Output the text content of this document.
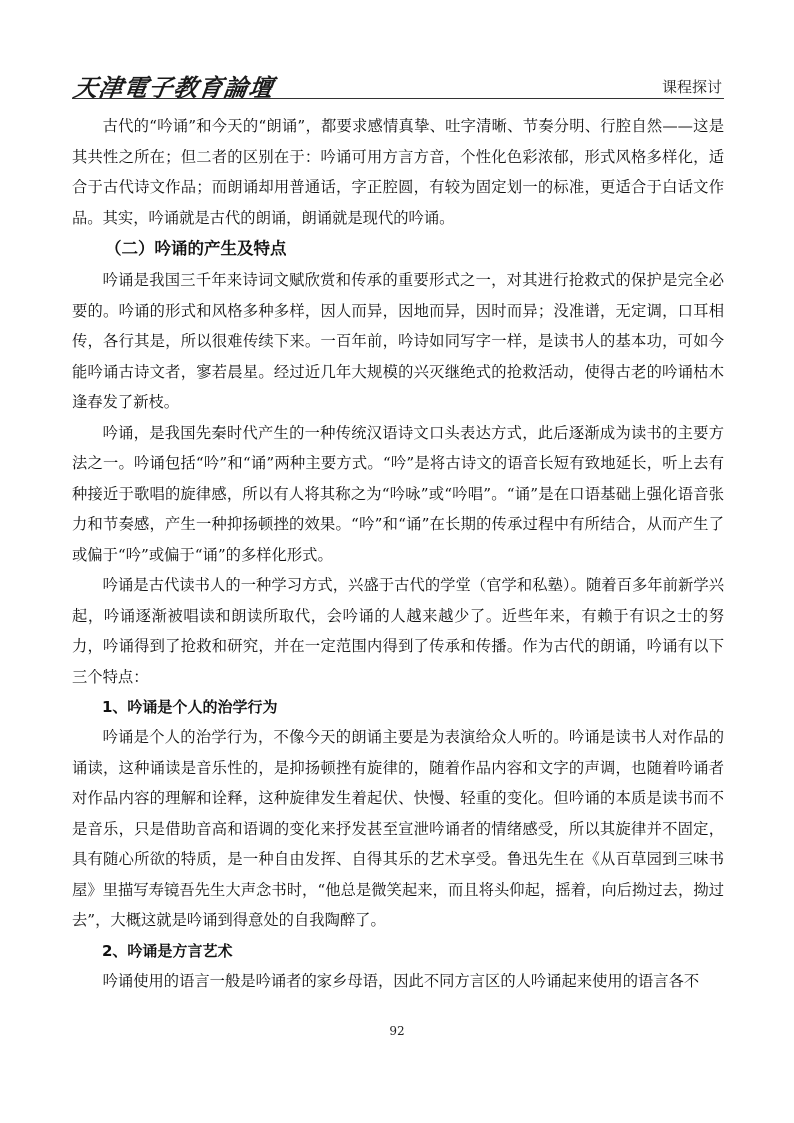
天津電子教育論壇	课程探讨

古代的“吟诵”和今天的“朗诵”，都要求感情真挚、吐字清晰、节奏分明、行腔自然——这是其共性之所在；但二者的区别在于：吟诵可用方言方音，个性化色彩浓郁，形式风格多样化，适合于古代诗文作品；而朗诵却用普通话，字正腔圆，有较为固定划一的标准，更适合于白话文作品。其实，吟诵就是古代的朗诵，朗诵就是现代的吟诵。

（二）吟诵的产生及特点

吟诵是我国三千年来诗词文赋欣赏和传承的重要形式之一，对其进行抢救式的保护是完全必要的。吟诵的形式和风格多种多样，因人而异，因地而异，因时而异；没准谱，无定调，口耳相传，各行其是，所以很难传续下来。一百年前，吟诗如同写字一样，是读书人的基本功，可如今能吟诵古诗文者，寥若晨星。经过近几年大规模的兴灭继绝式的抢救活动，使得古老的吟诵枯木逢春发了新枝。

吟诵，是我国先秦时代产生的一种传统汉语诗文口头表达方式，此后逐渐成为读书的主要方法之一。吟诵包括“吟”和“诵”两种主要方式。“吟”是将古诗文的语音长短有致地延长，听上去有种接近于歌唱的旋律感，所以有人将其称之为“吟咏”或“吟唱”。“诵”是在口语基础上强化语音张力和节奏感，产生一种抑扬顿挫的效果。“吟”和“诵”在长期的传承过程中有所结合，从而产生了或偏于“吟”或偏于“诵”的多样化形式。

吟诵是古代读书人的一种学习方式，兴盛于古代的学堂（官学和私塾）。随着百多年前新学兴起，吟诵逐渐被唱读和朗读所取代，会吟诵的人越来越少了。近些年来，有赖于有识之士的努力，吟诵得到了抢救和研究，并在一定范围内得到了传承和传播。作为古代的朗诵，吟诵有以下三个特点：

1、吟诵是个人的治学行为

吟诵是个人的治学行为，不像今天的朗诵主要是为表演给众人听的。吟诵是读书人对作品的诵读，这种诵读是音乐性的，是抑扬顿挫有旋律的，随着作品内容和文字的声调，也随着吟诵者对作品内容的理解和诠释，这种旋律发生着起伏、快慢、轻重的变化。但吟诵的本质是读书而不是音乐，只是借助音高和语调的变化来抒发甚至宣泄吟诵者的情绪感受，所以其旋律并不固定，具有随心所欲的特质，是一种自由发挥、自得其乐的艺术享受。鲁迅先生在《从百草园到三味书屋》里描写寿镜吾先生大声念书时，“他总是微笑起来，而且将头仰起，摇着，向后拗过去，拗过去”，大概这就是吟诵到得意处的自我陶醉了。

2、吟诵是方言艺术

吟诵使用的语言一般是吟诵者的家乡母语，因此不同方言区的人吟诵起来使用的语言各不

92
